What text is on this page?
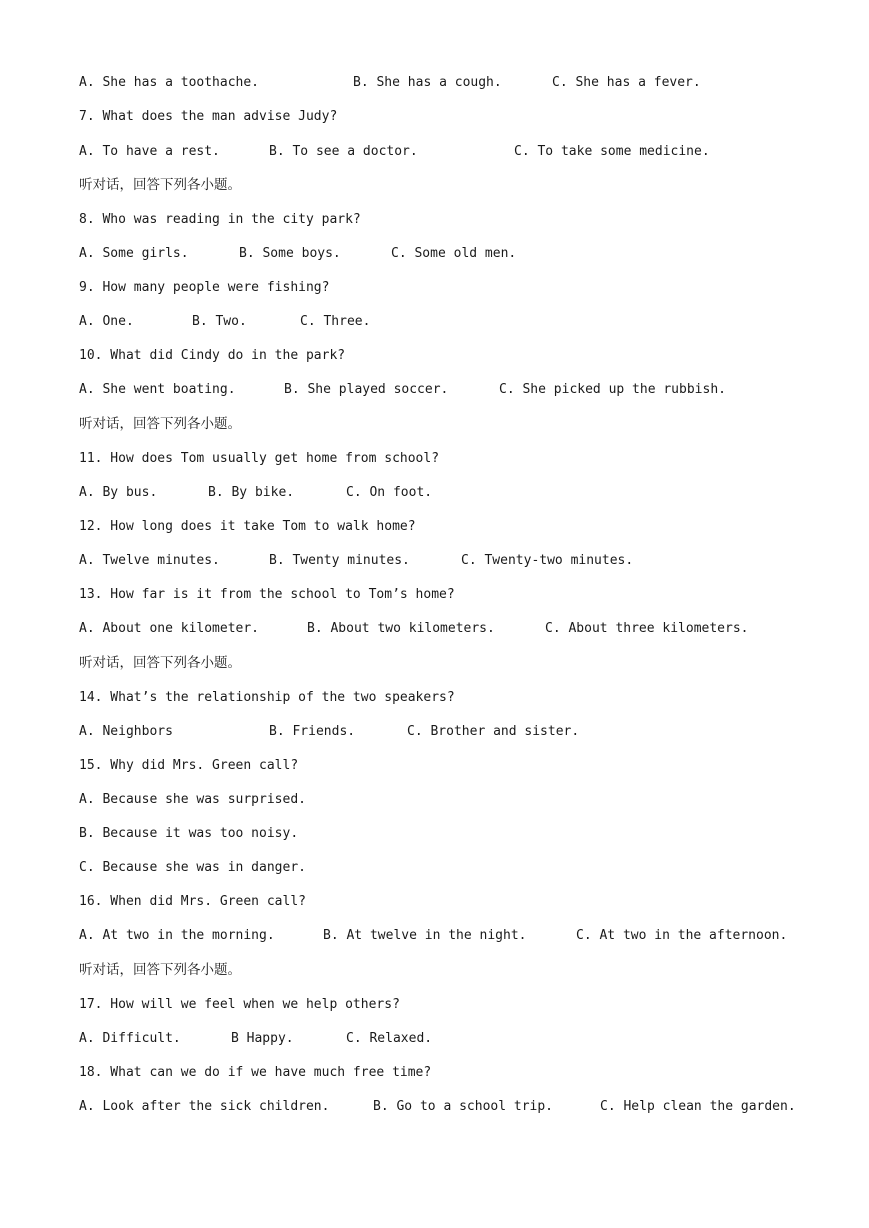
A. She has a toothache.	B. She has a cough.	C. She has a fever.
7. What does the man advise Judy?
A. To have a rest.	B. To see a doctor.	C. To take some medicine.
听对话，回答下列各小题。
8. Who was reading in the city park?
A. Some girls.	B. Some boys.	C. Some old men.
9. How many people were fishing?
A. One.	B. Two.	C. Three.
10. What did Cindy do in the park?
A. She went boating.	B. She played soccer.	C. She picked up the rubbish.
听对话，回答下列各小题。
11. How does Tom usually get home from school?
A. By bus.	B. By bike.	C. On foot.
12. How long does it take Tom to walk home?
A. Twelve minutes.	B. Twenty minutes.	C. Twenty-two minutes.
13. How far is it from the school to Tom’s home?
A. About one kilometer.	B. About two kilometers.	C. About three kilometers.
听对话，回答下列各小题。
14. What’s the relationship of the two speakers?
A. Neighbors	B. Friends.	C. Brother and sister.
15. Why did Mrs. Green call?
A. Because she was surprised.
B. Because it was too noisy.
C. Because she was in danger.
16. When did Mrs. Green call?
A. At two in the morning.	B. At twelve in the night.	C. At two in the afternoon.
听对话，回答下列各小题。
17. How will we feel when we help others?
A. Difficult.	B Happy.	C. Relaxed.
18. What can we do if we have much free time?
A. Look after the sick children.	B. Go to a school trip.	C. Help clean the garden.
